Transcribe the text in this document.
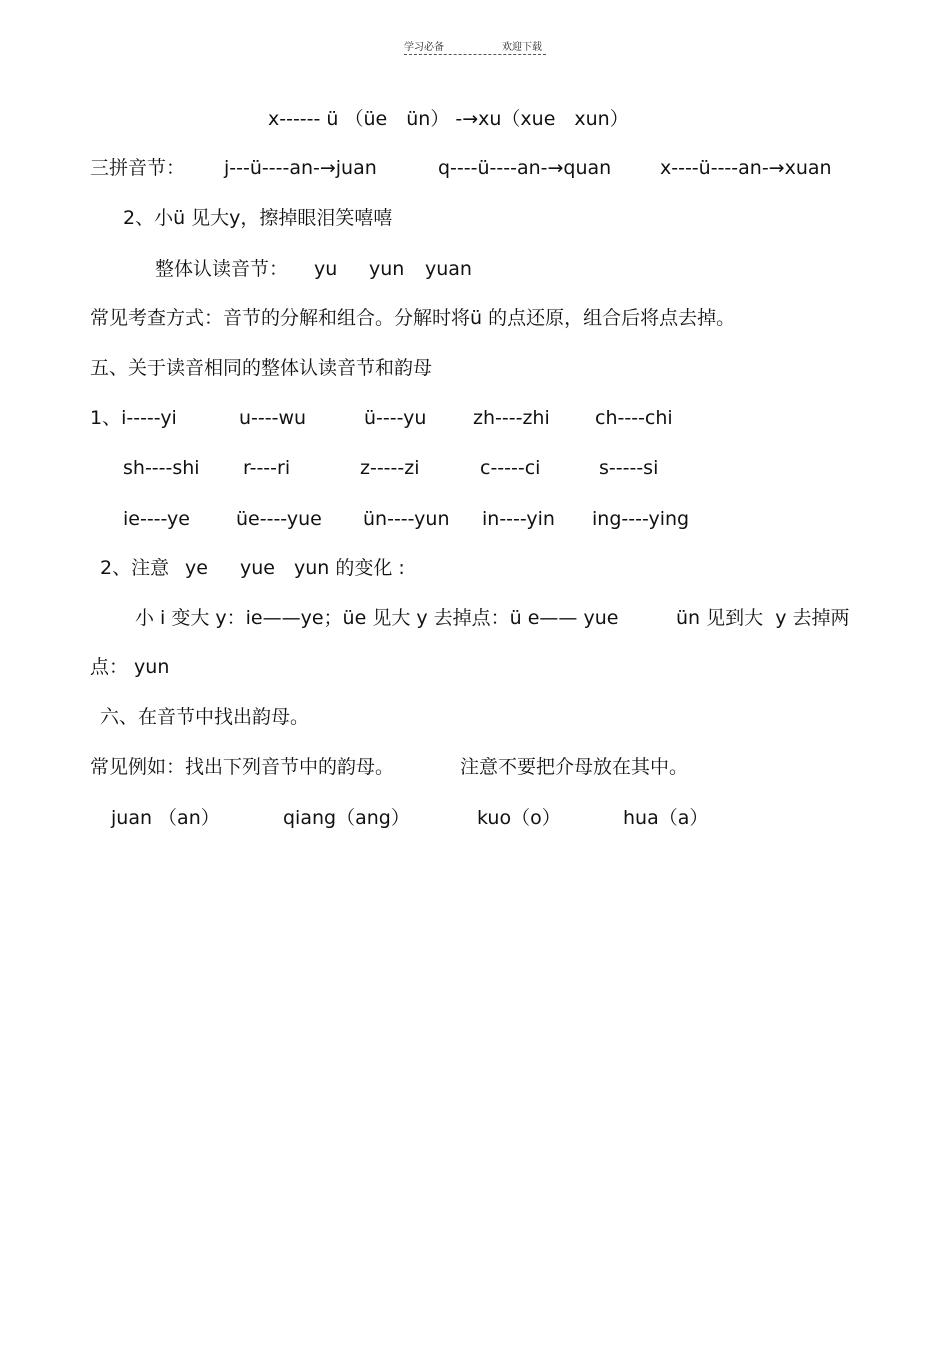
学习必备	欢迎下载

x------ ü （üe　ün） -→xu（xue　xun）

三拼音节：

j---ü----an-→juan

	q----ü----an-→quan

	x----ü----an-→xuan

2、小ü 见大y，擦掉眼泪笑嘻嘻

整体认读音节：

yu

yun

yuan

常见考查方式：音节的分解和组合。分解时将ü 的点还原，组合后将点去掉。

五、关于读音相同的整体认读音节和韵母

1、i-----yi

	u----wu

	ü----yu

zh----zhi

ch----chi

sh----shi

r----ri

	z-----zi

	c-----ci

	s-----si

ie----ye

üe----yue

ün----yun

in----yin

ing----ying

2、注意

ye

yue

yun 的变化 :

小 i 变大 y：ie——ye；üe 见大 y 去掉点：ü e—— yue

	ün 见到大  y 去掉两

点： yun

六、在音节中找出韵母。

常见例如：找出下列音节中的韵母。

	注意不要把介母放在其中。

juan （an）

	qiang（ang）

	kuo（o）

	hua（a）
